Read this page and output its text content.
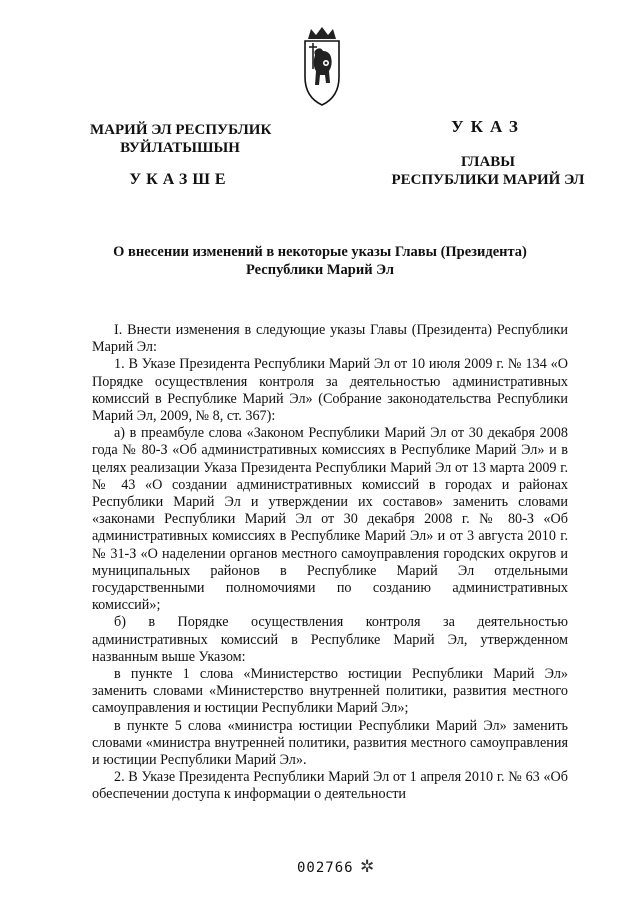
МАРИЙ ЭЛ РЕСПУБЛИК
ВУЙЛАТЫШЫН
УКАЗШЕ
УКАЗ
ГЛАВЫ
РЕСПУБЛИКИ МАРИЙ ЭЛ
О внесении изменений в некоторые указы Главы (Президента)
Республики Марий Эл

I. Внести изменения в следующие указы Главы (Президента) Республики Марий Эл:

1. В Указе Президента Республики Марий Эл от 10 июля 2009 г. № 134 «О Порядке осуществления контроля за деятельностью административных комиссий в Республике Марий Эл» (Собрание законодательства Республики Марий Эл, 2009, № 8, ст. 367):

а) в преамбуле слова «Законом Республики Марий Эл от 30 декабря 2008 года № 80-З «Об административных комиссиях в Республике Марий Эл» и в целях реализации Указа Президента Республики Марий Эл от 13 марта 2009 г. № 43 «О создании административных комиссий в городах и районах Республики Марий Эл и утверждении их составов» заменить словами «законами Республики Марий Эл от 30 декабря 2008 г. № 80-З «Об административных комиссиях в Республике Марий Эл» и от 3 августа 2010 г. № 31-З «О наделении органов местного самоуправления городских округов и муниципальных районов в Республике Марий Эл отдельными государственными полномочиями по созданию административных комиссий»;

б) в Порядке осуществления контроля за деятельностью административных комиссий в Республике Марий Эл, утвержденном названным выше Указом:

в пункте 1 слова «Министерство юстиции Республики Марий Эл» заменить словами «Министерство внутренней политики, развития местного самоуправления и юстиции Республики Марий Эл»;

в пункте 5 слова «министра юстиции Республики Марий Эл» заменить словами «министра внутренней политики, развития местного самоуправления и юстиции Республики Марий Эл».

2. В Указе Президента Республики Марий Эл от 1 апреля 2010 г. № 63 «Об обеспечении доступа к информации о деятельности

002766 ✲
